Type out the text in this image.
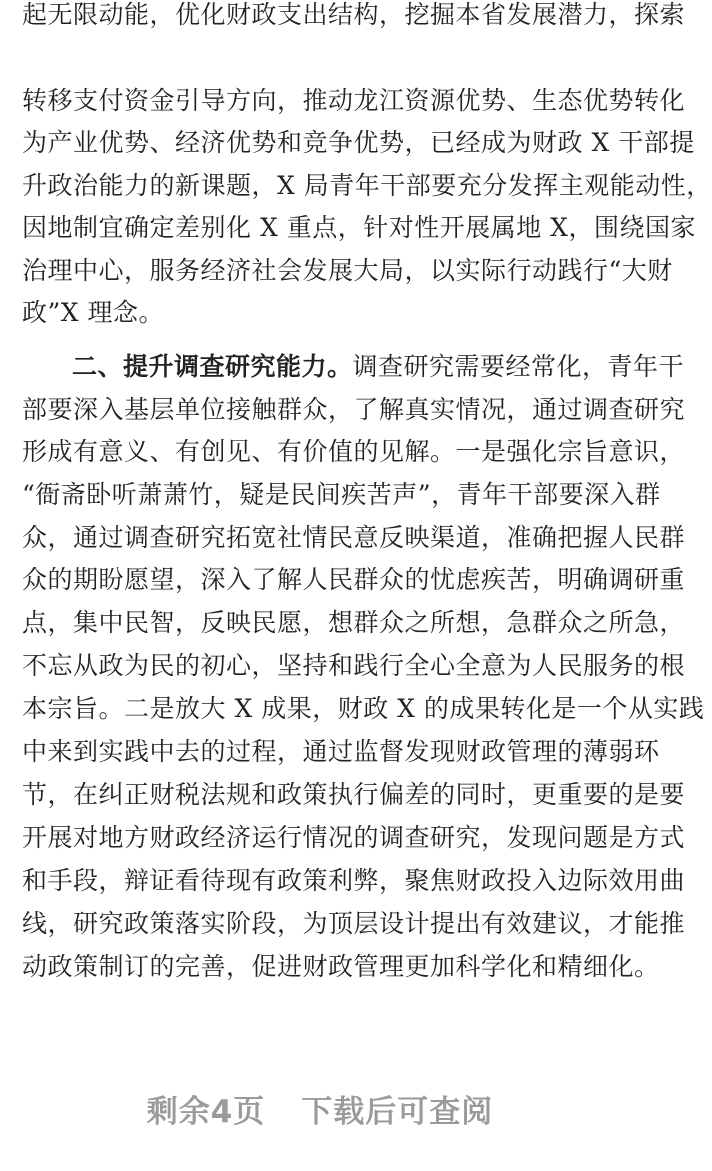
起无限动能，优化财政支出结构，挖掘本省发展潜力，探索
转移支付资金引导方向，推动龙江资源优势、生态优势转化
为产业优势、经济优势和竞争优势，已经成为财政 X 干部提
升政治能力的新课题，X 局青年干部要充分发挥主观能动性，
因地制宜确定差别化 X 重点，针对性开展属地 X，围绕国家
治理中心，服务经济社会发展大局，以实际行动践行“大财
政”X 理念。
二、提升调查研究能力。调查研究需要经常化，青年干
部要深入基层单位接触群众，了解真实情况，通过调查研究
形成有意义、有创见、有价值的见解。一是强化宗旨意识，
“衙斋卧听萧萧竹，疑是民间疾苦声”，青年干部要深入群
众，通过调查研究拓宽社情民意反映渠道，准确把握人民群
众的期盼愿望，深入了解人民群众的忧虑疾苦，明确调研重
点，集中民智，反映民愿，想群众之所想，急群众之所急，
不忘从政为民的初心，坚持和践行全心全意为人民服务的根
本宗旨。二是放大 X 成果，财政 X 的成果转化是一个从实践
中来到实践中去的过程，通过监督发现财政管理的薄弱环
节，在纠正财税法规和政策执行偏差的同时，更重要的是要
开展对地方财政经济运行情况的调查研究，发现问题是方式
和手段，辩证看待现有政策利弊，聚焦财政投入边际效用曲
线，研究政策落实阶段，为顶层设计提出有效建议，才能推
动政策制订的完善，促进财政管理更加科学化和精细化。
剩余4页 下载后可查阅
